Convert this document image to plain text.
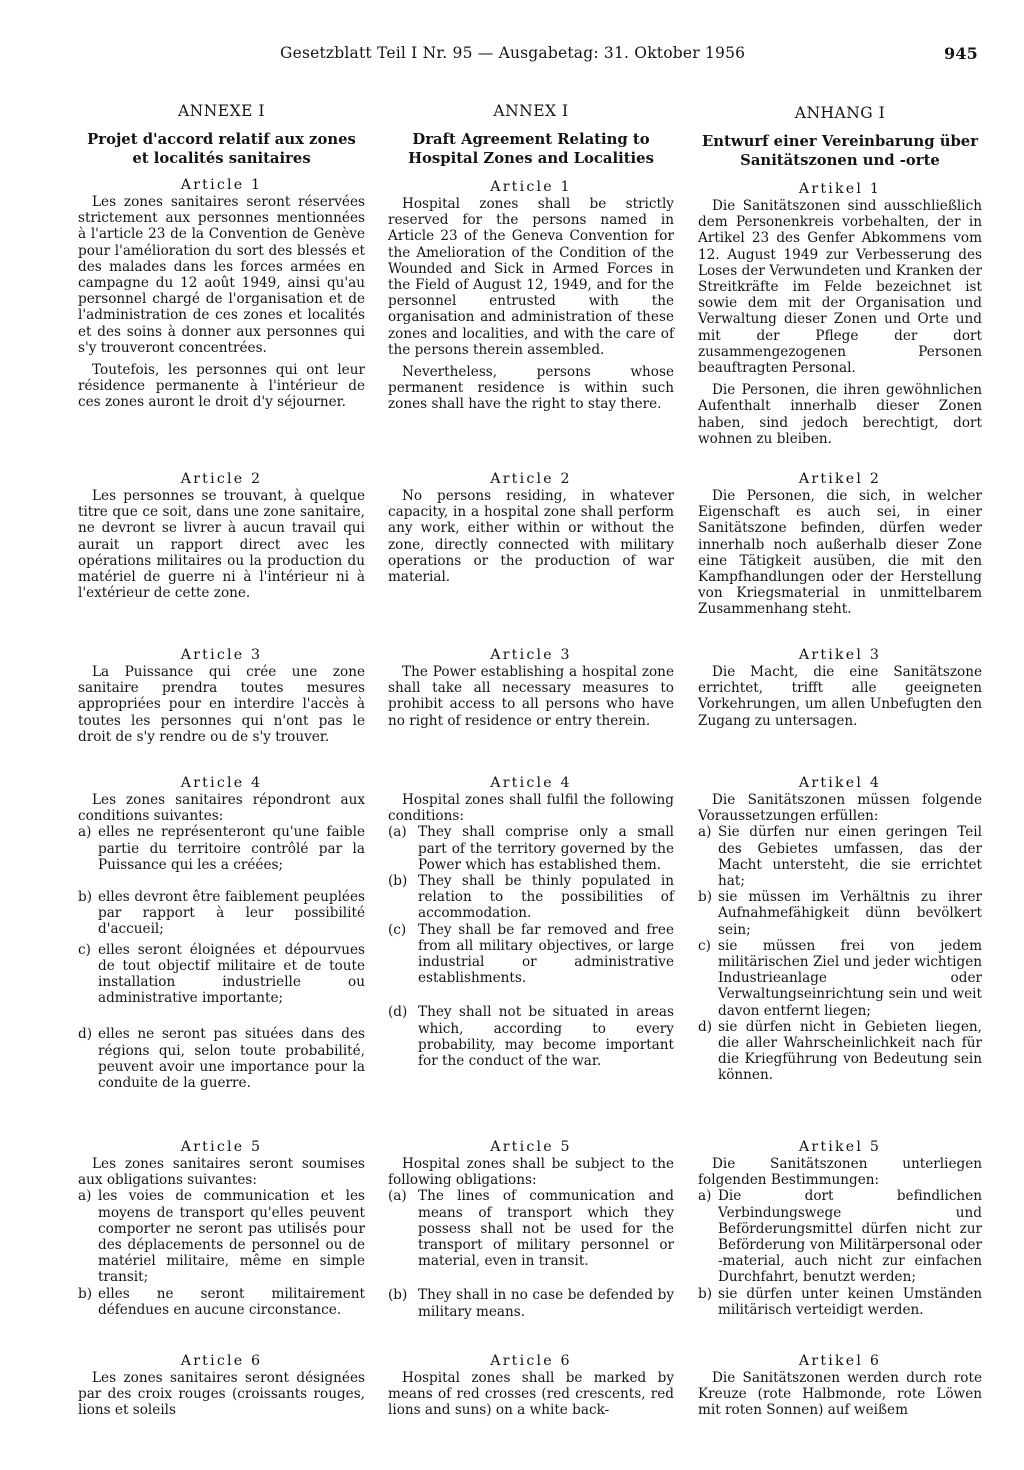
Gesetzblatt Teil I Nr. 95 — Ausgabetag: 31. Oktober 1956	945
ANNEXE I
Projet d'accord relatif aux zones
et localités sanitaires
Article 1

Les zones sanitaires seront réservées strictement aux personnes mentionnées à l'article 23 de la Convention de Genève pour l'amélioration du sort des blessés et des malades dans les forces armées en campagne du 12 août 1949, ainsi qu'au personnel chargé de l'organisation et de l'administration de ces zones et localités et des soins à donner aux personnes qui s'y trouveront concentrées.

Toutefois, les personnes qui ont leur résidence permanente à l'intérieur de ces zones auront le droit d'y séjourner.

Article 2

Les personnes se trouvant, à quelque titre que ce soit, dans une zone sanitaire, ne devront se livrer à aucun travail qui aurait un rapport direct avec les opérations militaires ou la production du matériel de guerre ni à l'intérieur ni à l'extérieur de cette zone.

Article 3

La Puissance qui crée une zone sanitaire prendra toutes mesures appropriées pour en interdire l'accès à toutes les personnes qui n'ont pas le droit de s'y rendre ou de s'y trouver.

Article 4

Les zones sanitaires répondront aux conditions suivantes:

a) elles ne représenteront qu'une faible partie du territoire contrôlé par la Puissance qui les a créées;

b) elles devront être faiblement peuplées par rapport à leur possibilité d'accueil;

c) elles seront éloignées et dépourvues de tout objectif militaire et de toute installation industrielle ou administrative importante;

d) elles ne seront pas situées dans des régions qui, selon toute probabilité, peuvent avoir une importance pour la conduite de la guerre.

Article 5

Les zones sanitaires seront soumises aux obligations suivantes:

a) les voies de communication et les moyens de transport qu'elles peuvent comporter ne seront pas utilisés pour des déplacements de personnel ou de matériel militaire, même en simple transit;

b) elles ne seront militairement défendues en aucune circonstance.

Article 6

Les zones sanitaires seront désignées par des croix rouges (croissants rouges, lions et soleils

ANNEX I
Draft Agreement Relating to
Hospital Zones and Localities
Article 1

Hospital zones shall be strictly reserved for the persons named in Article 23 of the Geneva Convention for the Amelioration of the Condition of the Wounded and Sick in Armed Forces in the Field of August 12, 1949, and for the personnel entrusted with the organisation and administration of these zones and localities, and with the care of the persons therein assembled.

Nevertheless, persons whose permanent residence is within such zones shall have the right to stay there.

Article 2

No persons residing, in whatever capacity, in a hospital zone shall perform any work, either within or without the zone, directly connected with military operations or the production of war material.

Article 3

The Power establishing a hospital zone shall take all necessary measures to prohibit access to all persons who have no right of residence or entry therein.

Article 4

Hospital zones shall fulfil the following conditions:

(a) They shall comprise only a small part of the territory governed by the Power which has established them.

(b) They shall be thinly populated in relation to the possibilities of accommodation.

(c) They shall be far removed and free from all military objectives, or large industrial or administrative establishments.

(d) They shall not be situated in areas which, according to every probability, may become important for the conduct of the war.

Article 5

Hospital zones shall be subject to the following obligations:

(a) The lines of communication and means of transport which they possess shall not be used for the transport of military personnel or material, even in transit.

(b) They shall in no case be defended by military means.

Article 6

Hospital zones shall be marked by means of red crosses (red crescents, red lions and suns) on a white back-

ANHANG I
Entwurf einer Vereinbarung über
Sanitätszonen und -orte
Artikel 1

Die Sanitätszonen sind ausschließlich dem Personenkreis vorbehalten, der in Artikel 23 des Genfer Abkommens vom 12. August 1949 zur Verbesserung des Loses der Verwundeten und Kranken der Streitkräfte im Felde bezeichnet ist sowie dem mit der Organisation und Verwaltung dieser Zonen und Orte und mit der Pflege der dort zusammengezogenen Personen beauftragten Personal.

Die Personen, die ihren gewöhnlichen Aufenthalt innerhalb dieser Zonen haben, sind jedoch berechtigt, dort wohnen zu bleiben.

Artikel 2

Die Personen, die sich, in welcher Eigenschaft es auch sei, in einer Sanitätszone befinden, dürfen weder innerhalb noch außerhalb dieser Zone eine Tätigkeit ausüben, die mit den Kampfhandlungen oder der Herstellung von Kriegsmaterial in unmittelbarem Zusammenhang steht.

Artikel 3

Die Macht, die eine Sanitätszone errichtet, trifft alle geeigneten Vorkehrungen, um allen Unbefugten den Zugang zu untersagen.

Artikel 4

Die Sanitätszonen müssen folgende Voraussetzungen erfüllen:

a) Sie dürfen nur einen geringen Teil des Gebietes umfassen, das der Macht untersteht, die sie errichtet hat;

b) sie müssen im Verhältnis zu ihrer Aufnahmefähigkeit dünn bevölkert sein;

c) sie müssen frei von jedem militärischen Ziel und jeder wichtigen Industrieanlage oder Verwaltungseinrichtung sein und weit davon entfernt liegen;

d) sie dürfen nicht in Gebieten liegen, die aller Wahrscheinlichkeit nach für die Kriegführung von Bedeutung sein können.

Artikel 5

Die Sanitätszonen unterliegen folgenden Bestimmungen:

a) Die dort befindlichen Verbindungswege und Beförderungsmittel dürfen nicht zur Beförderung von Militärpersonal oder -material, auch nicht zur einfachen Durchfahrt, benutzt werden;

b) sie dürfen unter keinen Umständen militärisch verteidigt werden.

Artikel 6

Die Sanitätszonen werden durch rote Kreuze (rote Halbmonde, rote Löwen mit roten Sonnen) auf weißem
